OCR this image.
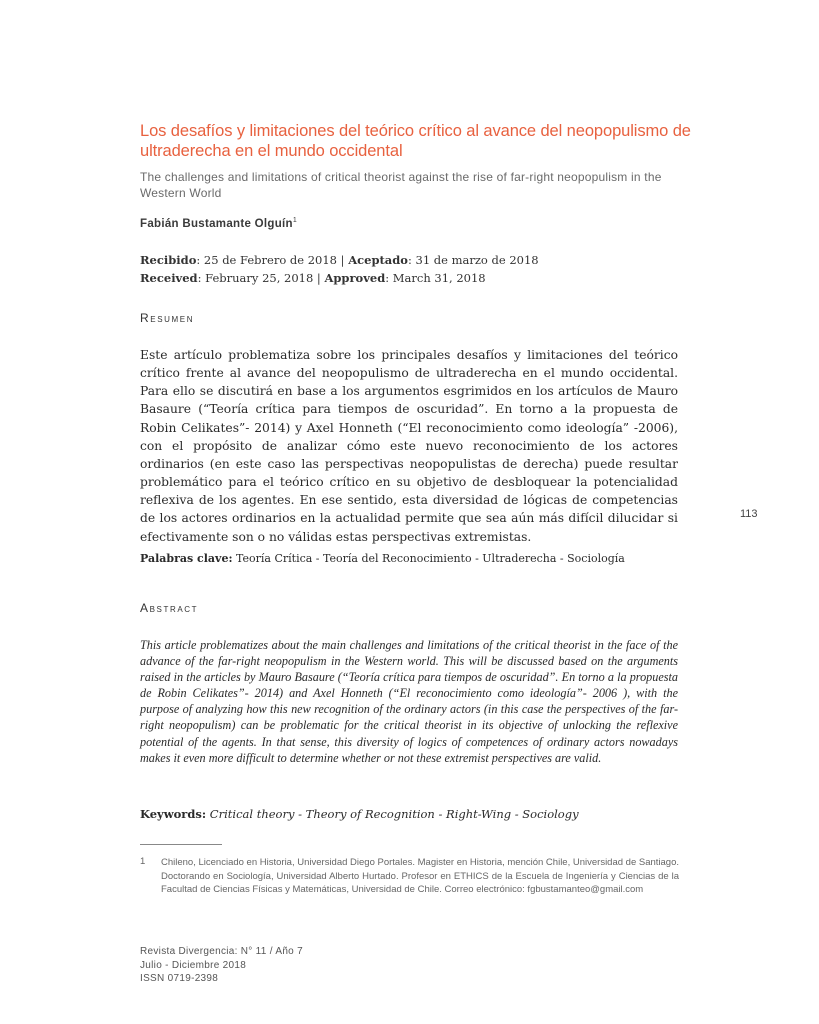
Los desafíos y limitaciones del teórico crítico al avance del neopopulismo de ultraderecha en el mundo occidental
The challenges and limitations of critical theorist against the rise of far-right neopopulism in the Western World
Fabián Bustamante Olguín$^1$
Recibido: 25 de Febrero de 2018 | Aceptado: 31 de marzo de 2018
Received: February 25, 2018 | Approved: March 31, 2018
Resumen
Este artículo problematiza sobre los principales desafíos y limitaciones del teórico crítico frente al avance del neopopulismo de ultraderecha en el mundo occidental. Para ello se discutirá en base a los argumentos esgrimidos en los artículos de Mauro Basaure (“Teoría crítica para tiempos de oscuridad”. En torno a la propuesta de Robin Celikates”- 2014) y Axel Honneth (“El reconocimiento como ideología” -2006), con el propósito de analizar cómo este nuevo reconocimiento de los actores ordinarios (en este caso las perspectivas neopopulistas de derecha) puede resultar problemático para el teórico crítico en su objetivo de desbloquear la potencialidad reflexiva de los agentes. En ese sentido, esta diversidad de lógicas de competencias de los actores ordinarios en la actualidad permite que sea aún más difícil dilucidar si efectivamente son o no válidas estas perspectivas extremistas.
113
Palabras clave: Teoría Crítica - Teoría del Reconocimiento - Ultraderecha - Sociología
Abstract
This article problematizes about the main challenges and limitations of the critical theorist in the face of the advance of the far-right neopopulism in the Western world. This will be discussed based on the arguments raised in the articles by Mauro Basaure (“Teoría crítica para tiempos de oscuridad”. En torno a la propuesta de Robin Celikates”- 2014) and Axel Honneth (“El reconocimiento como ideología”- 2006 ), with the purpose of analyzing how this new recognition of the ordinary actors (in this case the perspectives of the far-right neopopulism) can be problematic for the critical theorist in its objective of unlocking the reflexive potential of the agents. In that sense, this diversity of logics of competences of ordinary actors nowadays makes it even more difficult to determine whether or not these extremist perspectives are valid.
Keywords: Critical theory - Theory of Recognition - Right-Wing - Sociology
1 Chileno, Licenciado en Historia, Universidad Diego Portales. Magister en Historia, mención Chile, Universidad de Santiago. Doctorando en Sociología, Universidad Alberto Hurtado. Profesor en ETHICS de la Escuela de Ingeniería y Ciencias de la Facultad de Ciencias Físicas y Matemáticas, Universidad de Chile. Correo electrónico: fgbustamanteo@gmail.com
Revista Divergencia: N° 11 / Año 7
Julio - Diciembre 2018
ISSN 0719-2398
